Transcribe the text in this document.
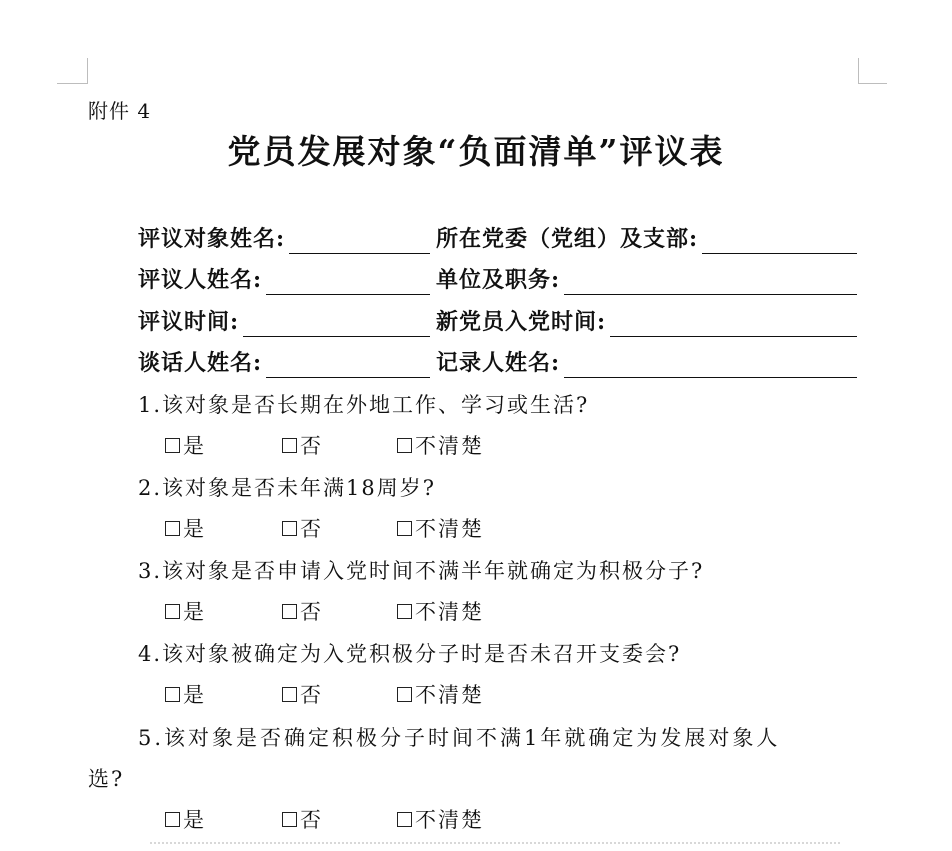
附件 4
党员发展对象“负面清单”评议表
评议对象姓名:	所在党委（党组）及支部:
评议人姓名:	单位及职务:
评议时间:	新党员入党时间:
谈话人姓名:	记录人姓名:
1.该对象是否长期在外地工作、学习或生活?
是	否	不清楚
2.该对象是否未年满18周岁?
是	否	不清楚
3.该对象是否申请入党时间不满半年就确定为积极分子?
是	否	不清楚
4.该对象被确定为入党积极分子时是否未召开支委会?
是	否	不清楚
5.该对象是否确定积极分子时间不满1年就确定为发展对象人
选?
是	否	不清楚
